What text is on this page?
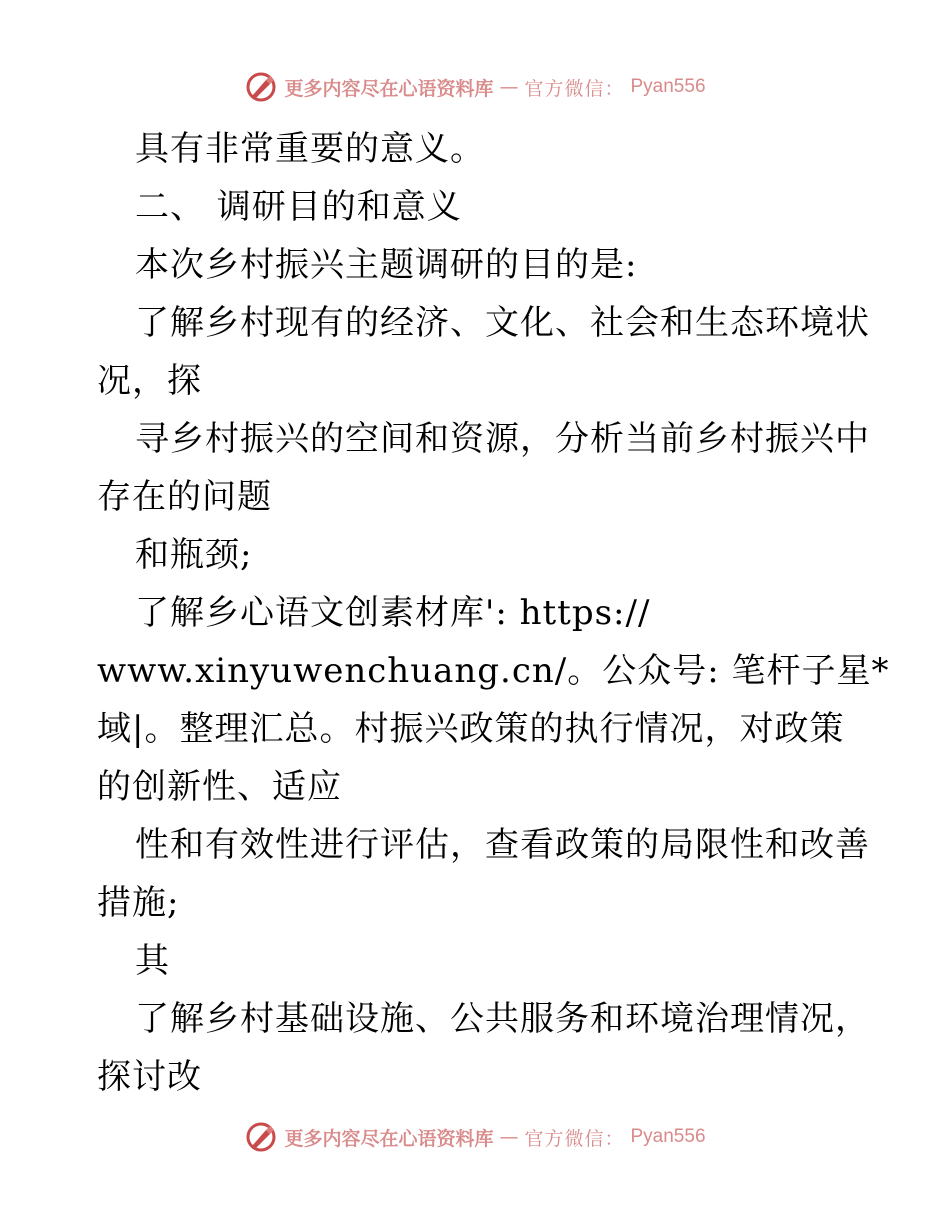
更多内容尽在心语资料库 — 官方微信： Pyan556
具有非常重要的意义。
二、 调研目的和意义
本次乡村振兴主题调研的目的是:
了解乡村现有的经济、文化、社会和生态环境状
况，探
寻乡村振兴的空间和资源，分析当前乡村振兴中
存在的问题
和瓶颈;
了解乡心语文创素材库': https://
www.xinyuwenchuang.cn/。公众号: 笔杆子星*
域|。整理汇总。村振兴政策的执行情况，对政策
的创新性、适应
性和有效性进行评估，查看政策的局限性和改善
措施;
其
了解乡村基础设施、公共服务和环境治理情况，
探讨改
更多内容尽在心语资料库 — 官方微信： Pyan556
